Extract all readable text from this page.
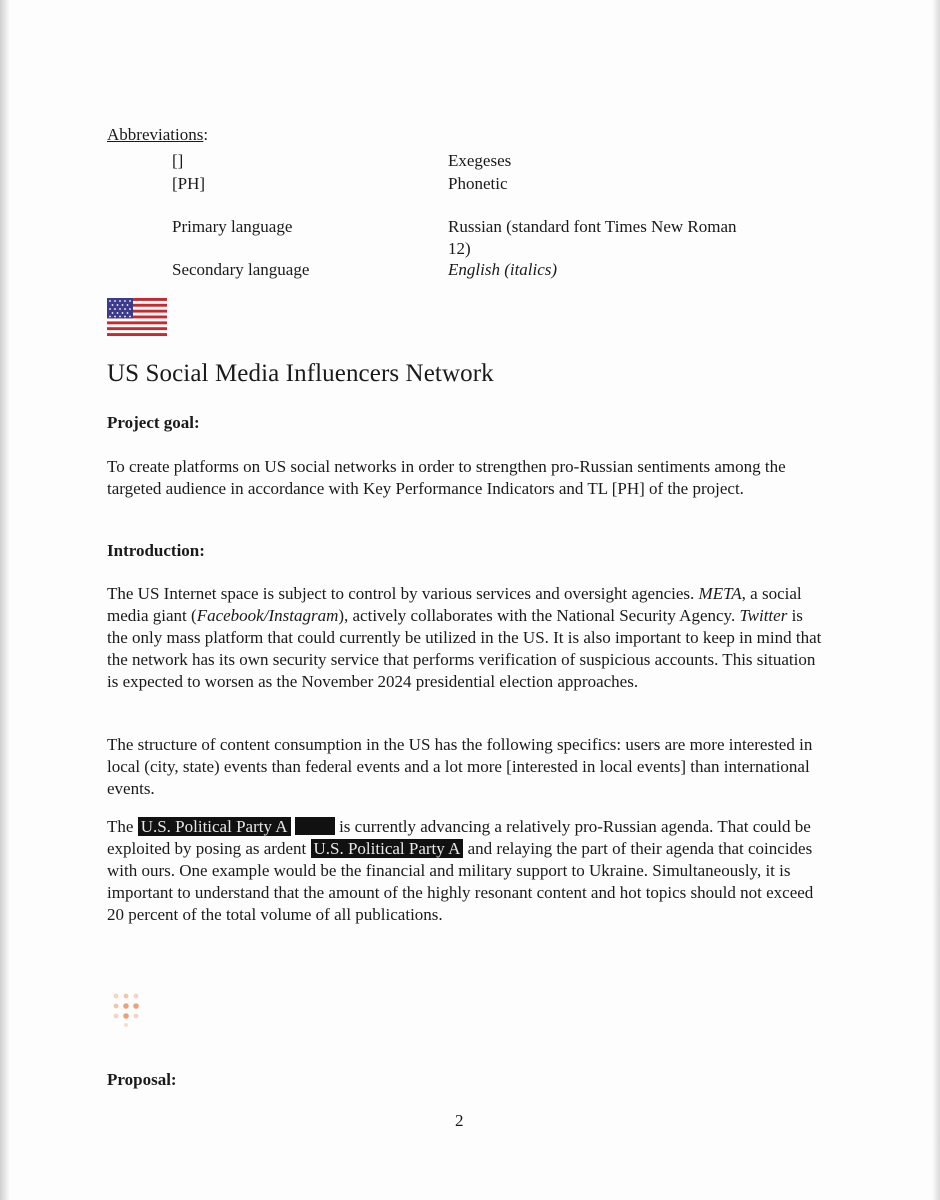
Abbreviations:
[]	Exegeses
[PH]	Phonetic
Primary language	Russian (standard font Times New Roman 12)
Secondary language	English (italics)
US Social Media Influencers Network
Project goal:
To create platforms on US social networks in order to strengthen pro-Russian sentiments among the targeted audience in accordance with Key Performance Indicators and TL [PH] of the project.
Introduction:
The US Internet space is subject to control by various services and oversight agencies. META, a social media giant (Facebook/Instagram), actively collaborates with the National Security Agency. Twitter is the only mass platform that could currently be utilized in the US. It is also important to keep in mind that the network has its own security service that performs verification of suspicious accounts. This situation is expected to worsen as the November 2024 presidential election approaches.
The structure of content consumption in the US has the following specifics: users are more interested in local (city, state) events than federal events and a lot more [interested in local events] than international events.
The U.S. Political Party A	is currently advancing a relatively pro-Russian agenda. That could be exploited by posing as ardent U.S. Political Party A and relaying the part of their agenda that coincides with ours. One example would be the financial and military support to Ukraine. Simultaneously, it is important to understand that the amount of the highly resonant content and hot topics should not exceed 20 percent of the total volume of all publications.
Proposal:
2
